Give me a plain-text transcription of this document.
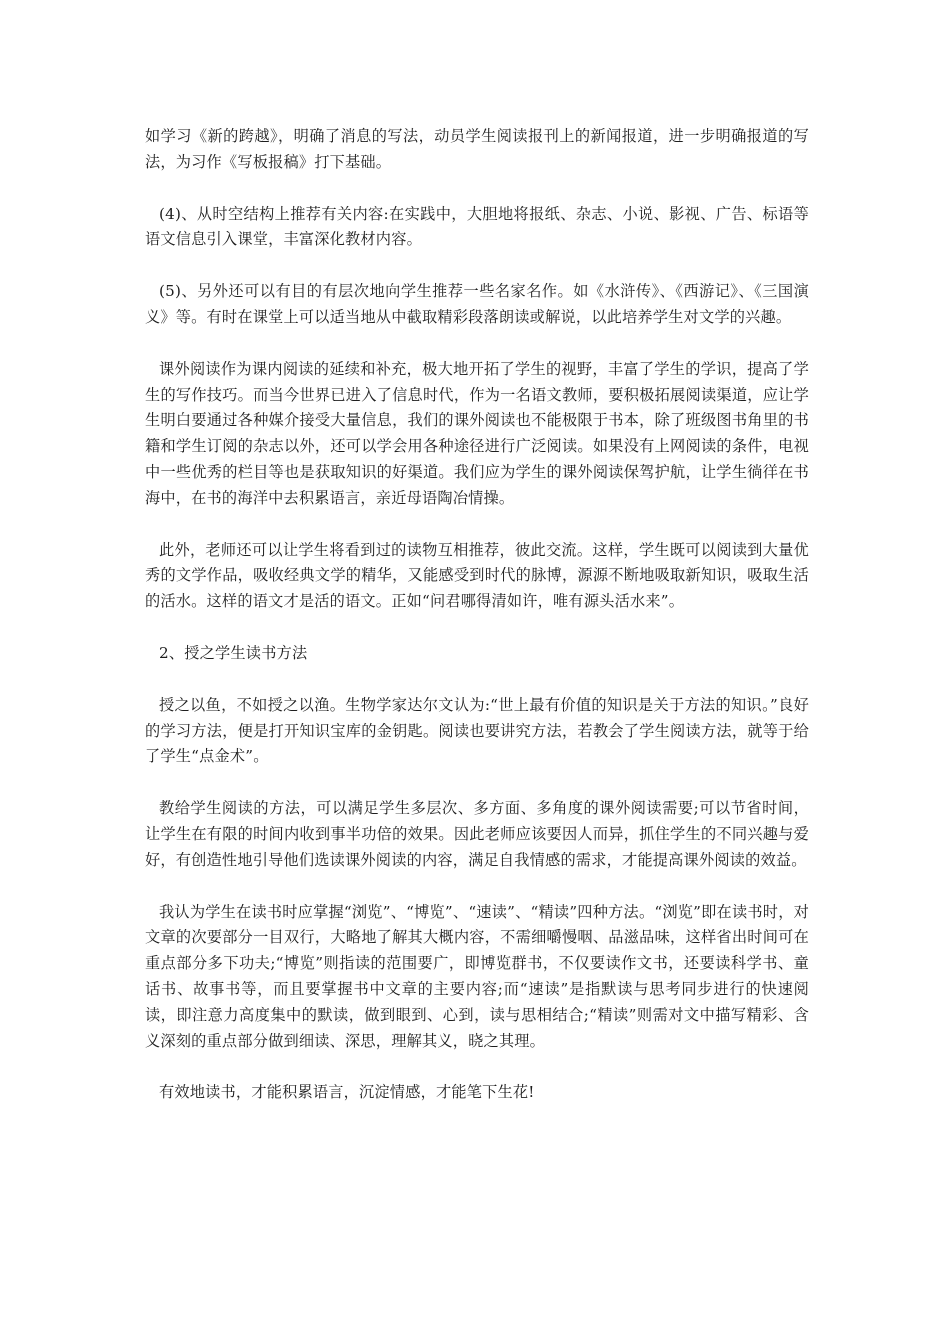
如学习《新的跨越》，明确了消息的写法，动员学生阅读报刊上的新闻报道，进一步明确报道的写法，为习作《写板报稿》打下基础。

(4)、从时空结构上推荐有关内容:在实践中，大胆地将报纸、杂志、小说、影视、广告、标语等语文信息引入课堂，丰富深化教材内容。

(5)、另外还可以有目的有层次地向学生推荐一些名家名作。如《水浒传》、《西游记》、《三国演义》等。有时在课堂上可以适当地从中截取精彩段落朗读或解说，以此培养学生对文学的兴趣。

课外阅读作为课内阅读的延续和补充，极大地开拓了学生的视野，丰富了学生的学识，提高了学生的写作技巧。而当今世界已进入了信息时代，作为一名语文教师，要积极拓展阅读渠道，应让学生明白要通过各种媒介接受大量信息，我们的课外阅读也不能极限于书本，除了班级图书角里的书籍和学生订阅的杂志以外，还可以学会用各种途径进行广泛阅读。如果没有上网阅读的条件，电视中一些优秀的栏目等也是获取知识的好渠道。我们应为学生的课外阅读保驾护航，让学生徜徉在书海中，在书的海洋中去积累语言，亲近母语陶冶情操。

此外，老师还可以让学生将看到过的读物互相推荐，彼此交流。这样，学生既可以阅读到大量优秀的文学作品，吸收经典文学的精华，又能感受到时代的脉博，源源不断地吸取新知识，吸取生活的活水。这样的语文才是活的语文。正如“问君哪得清如许，唯有源头活水来”。

2、授之学生读书方法

授之以鱼，不如授之以渔。生物学家达尔文认为:“世上最有价值的知识是关于方法的知识。”良好的学习方法，便是打开知识宝库的金钥匙。阅读也要讲究方法，若教会了学生阅读方法，就等于给了学生“点金术”。

教给学生阅读的方法，可以满足学生多层次、多方面、多角度的课外阅读需要;可以节省时间，让学生在有限的时间内收到事半功倍的效果。因此老师应该要因人而异，抓住学生的不同兴趣与爱好，有创造性地引导他们选读课外阅读的内容，满足自我情感的需求，才能提高课外阅读的效益。

我认为学生在读书时应掌握“浏览”、“博览”、“速读”、“精读”四种方法。“浏览”即在读书时，对文章的次要部分一目双行，大略地了解其大概内容，不需细嚼慢咽、品滋品味，这样省出时间可在重点部分多下功夫;“博览”则指读的范围要广，即博览群书，不仅要读作文书，还要读科学书、童话书、故事书等，而且要掌握书中文章的主要内容;而“速读”是指默读与思考同步进行的快速阅读，即注意力高度集中的默读，做到眼到、心到，读与思相结合;“精读”则需对文中描写精彩、含义深刻的重点部分做到细读、深思，理解其义，晓之其理。

有效地读书，才能积累语言，沉淀情感，才能笔下生花!
